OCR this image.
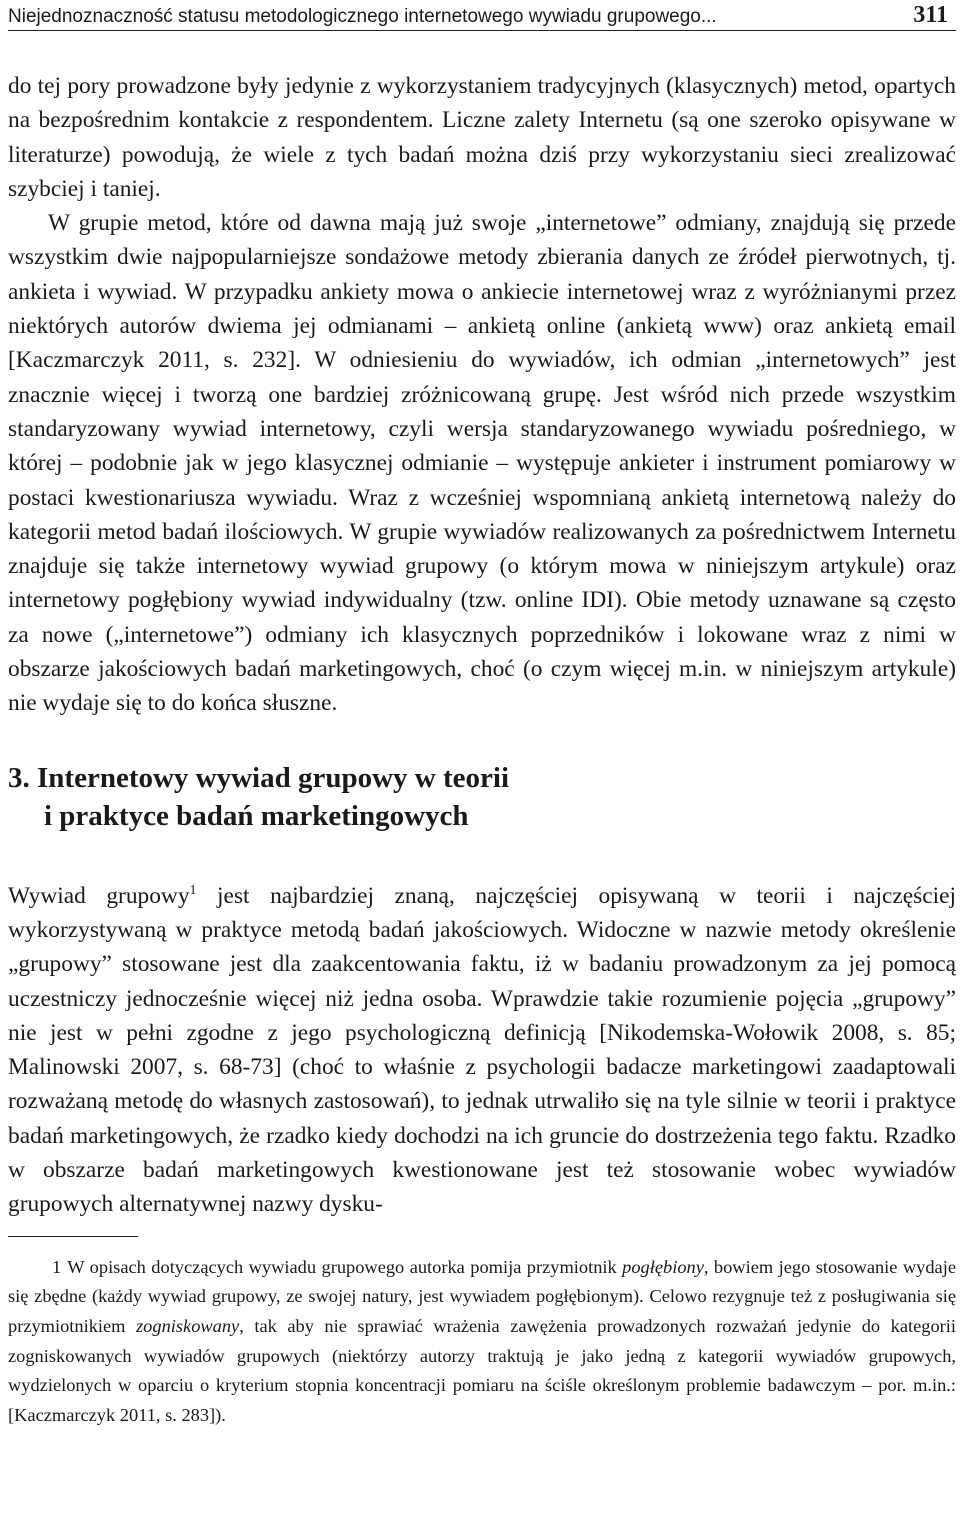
Niejednoznaczność statusu metodologicznego internetowego wywiadu grupowego...	311

do tej pory prowadzone były jedynie z wykorzystaniem tradycyjnych (klasycznych) metod, opartych na bezpośrednim kontakcie z respondentem. Liczne zalety Internetu (są one szeroko opisywane w literaturze) powodują, że wiele z tych badań można dziś przy wykorzystaniu sieci zrealizować szybciej i taniej.

W grupie metod, które od dawna mają już swoje „internetowe” odmiany, znajdują się przede wszystkim dwie najpopularniejsze sondażowe metody zbierania danych ze źródeł pierwotnych, tj. ankieta i wywiad. W przypadku ankiety mowa o ankiecie internetowej wraz z wyróżnianymi przez niektórych autorów dwiema jej odmianami – ankietą online (ankietą www) oraz ankietą email [Kaczmarczyk 2011, s. 232]. W odniesieniu do wywiadów, ich odmian „internetowych” jest znacznie więcej i tworzą one bardziej zróżnicowaną grupę. Jest wśród nich przede wszystkim standaryzowany wywiad internetowy, czyli wersja standaryzowanego wywiadu pośredniego, w której – podobnie jak w jego klasycznej odmianie – występuje ankieter i instrument pomiarowy w postaci kwestionariusza wywiadu. Wraz z wcześniej wspomnianą ankietą internetową należy do kategorii metod badań ilościowych. W grupie wywiadów realizowanych za pośrednictwem Internetu znajduje się także internetowy wywiad grupowy (o którym mowa w niniejszym artykule) oraz internetowy pogłębiony wywiad indywidualny (tzw. online IDI). Obie metody uznawane są często za nowe („internetowe”) odmiany ich klasycznych poprzedników i lokowane wraz z nimi w obszarze jakościowych badań marketingowych, choć (o czym więcej m.in. w niniejszym artykule) nie wydaje się to do końca słuszne.

3. Internetowy wywiad grupowy w teorii
i praktyce badań marketingowych

Wywiad grupowy$^1$ jest najbardziej znaną, najczęściej opisywaną w teorii i najczęściej wykorzystywaną w praktyce metodą badań jakościowych. Widoczne w nazwie metody określenie „grupowy” stosowane jest dla zaakcentowania faktu, iż w badaniu prowadzonym za jej pomocą uczestniczy jednocześnie więcej niż jedna osoba. Wprawdzie takie rozumienie pojęcia „grupowy” nie jest w pełni zgodne z jego psychologiczną definicją [Nikodemska-Wołowik 2008, s. 85; Malinowski 2007, s. 68-73] (choć to właśnie z psychologii badacze marketingowi zaadaptowali rozważaną metodę do własnych zastosowań), to jednak utrwaliło się na tyle silnie w teorii i praktyce badań marketingowych, że rzadko kiedy dochodzi na ich gruncie do dostrzeżenia tego faktu. Rzadko w obszarze badań marketingowych kwestionowane jest też stosowanie wobec wywiadów grupowych alternatywnej nazwy dysku-

1 W opisach dotyczących wywiadu grupowego autorka pomija przymiotnik pogłębiony, bowiem jego stosowanie wydaje się zbędne (każdy wywiad grupowy, ze swojej natury, jest wywiadem pogłębionym). Celowo rezygnuje też z posługiwania się przymiotnikiem zogniskowany, tak aby nie sprawiać wrażenia zawężenia prowadzonych rozważań jedynie do kategorii zogniskowanych wywiadów grupowych (niektórzy autorzy traktują je jako jedną z kategorii wywiadów grupowych, wydzielonych w oparciu o kryterium stopnia koncentracji pomiaru na ściśle określonym problemie badawczym – por. m.in.: [Kaczmarczyk 2011, s. 283]).
